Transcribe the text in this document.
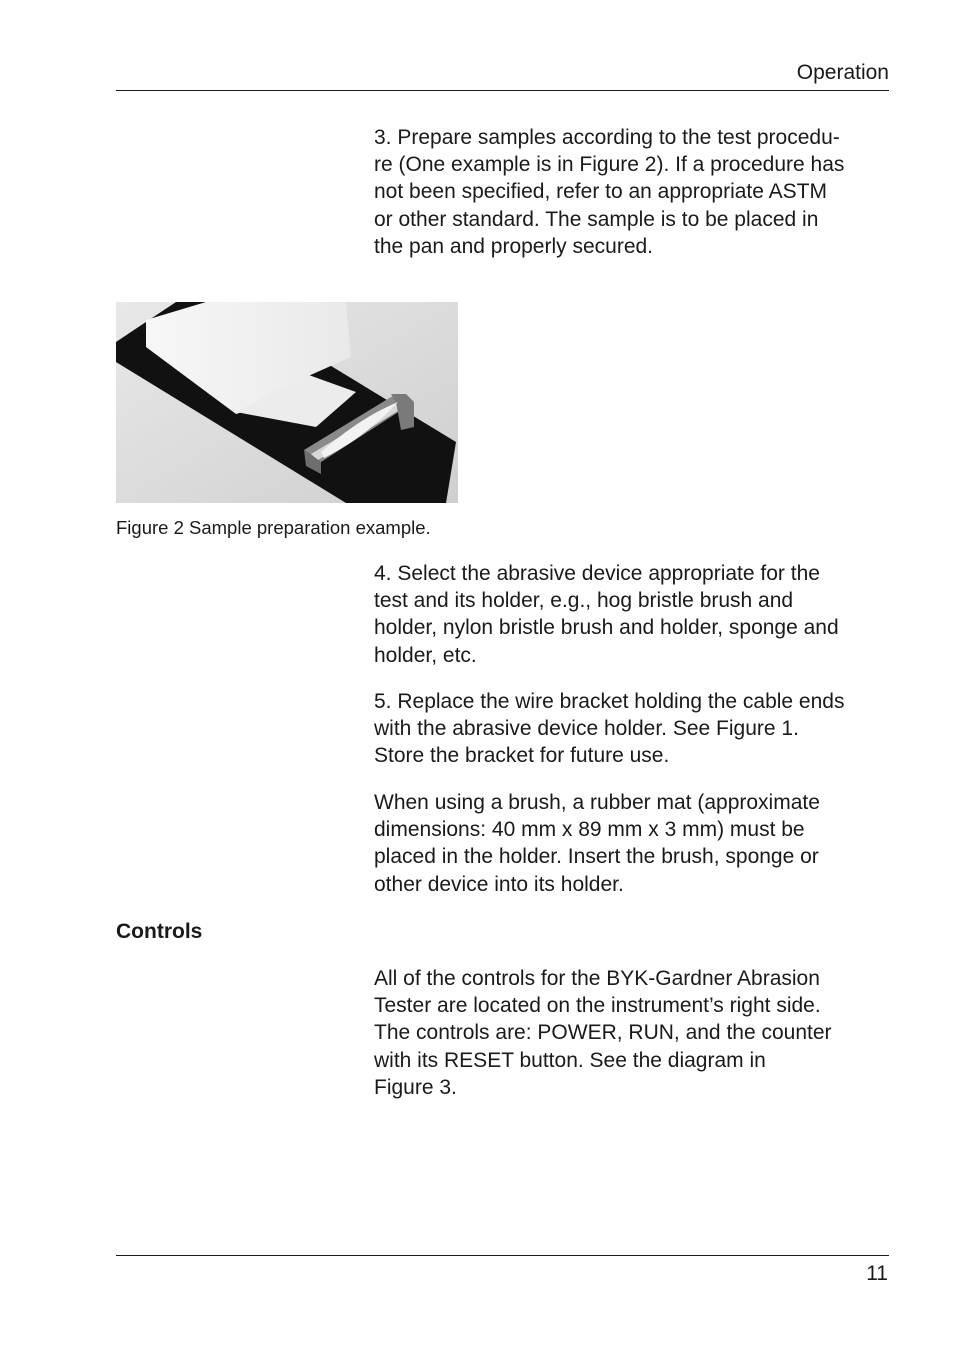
Operation

3. Prepare samples according to the test procedu-
re (One example is in Figure 2). If a procedure has
not been specified, refer to an appropriate ASTM
or other standard. The sample is to be placed in
the pan and properly secured.

Figure 2 Sample preparation example.

4. Select the abrasive device appropriate for the
test and its holder, e.g., hog bristle brush and
holder, nylon bristle brush and holder, sponge and
holder, etc.

5. Replace the wire bracket holding the cable ends
with the abrasive device holder. See Figure 1.
Store the bracket for future use.

When using a brush, a rubber mat (approximate
dimensions: 40 mm x 89 mm x 3 mm) must be
placed in the holder. Insert the brush, sponge or
other device into its holder.

Controls

All of the controls for the BYK-Gardner Abrasion
Tester are located on the instrument’s right side.
The controls are: POWER, RUN, and the counter
with its RESET button. See the diagram in
Figure 3.

11
